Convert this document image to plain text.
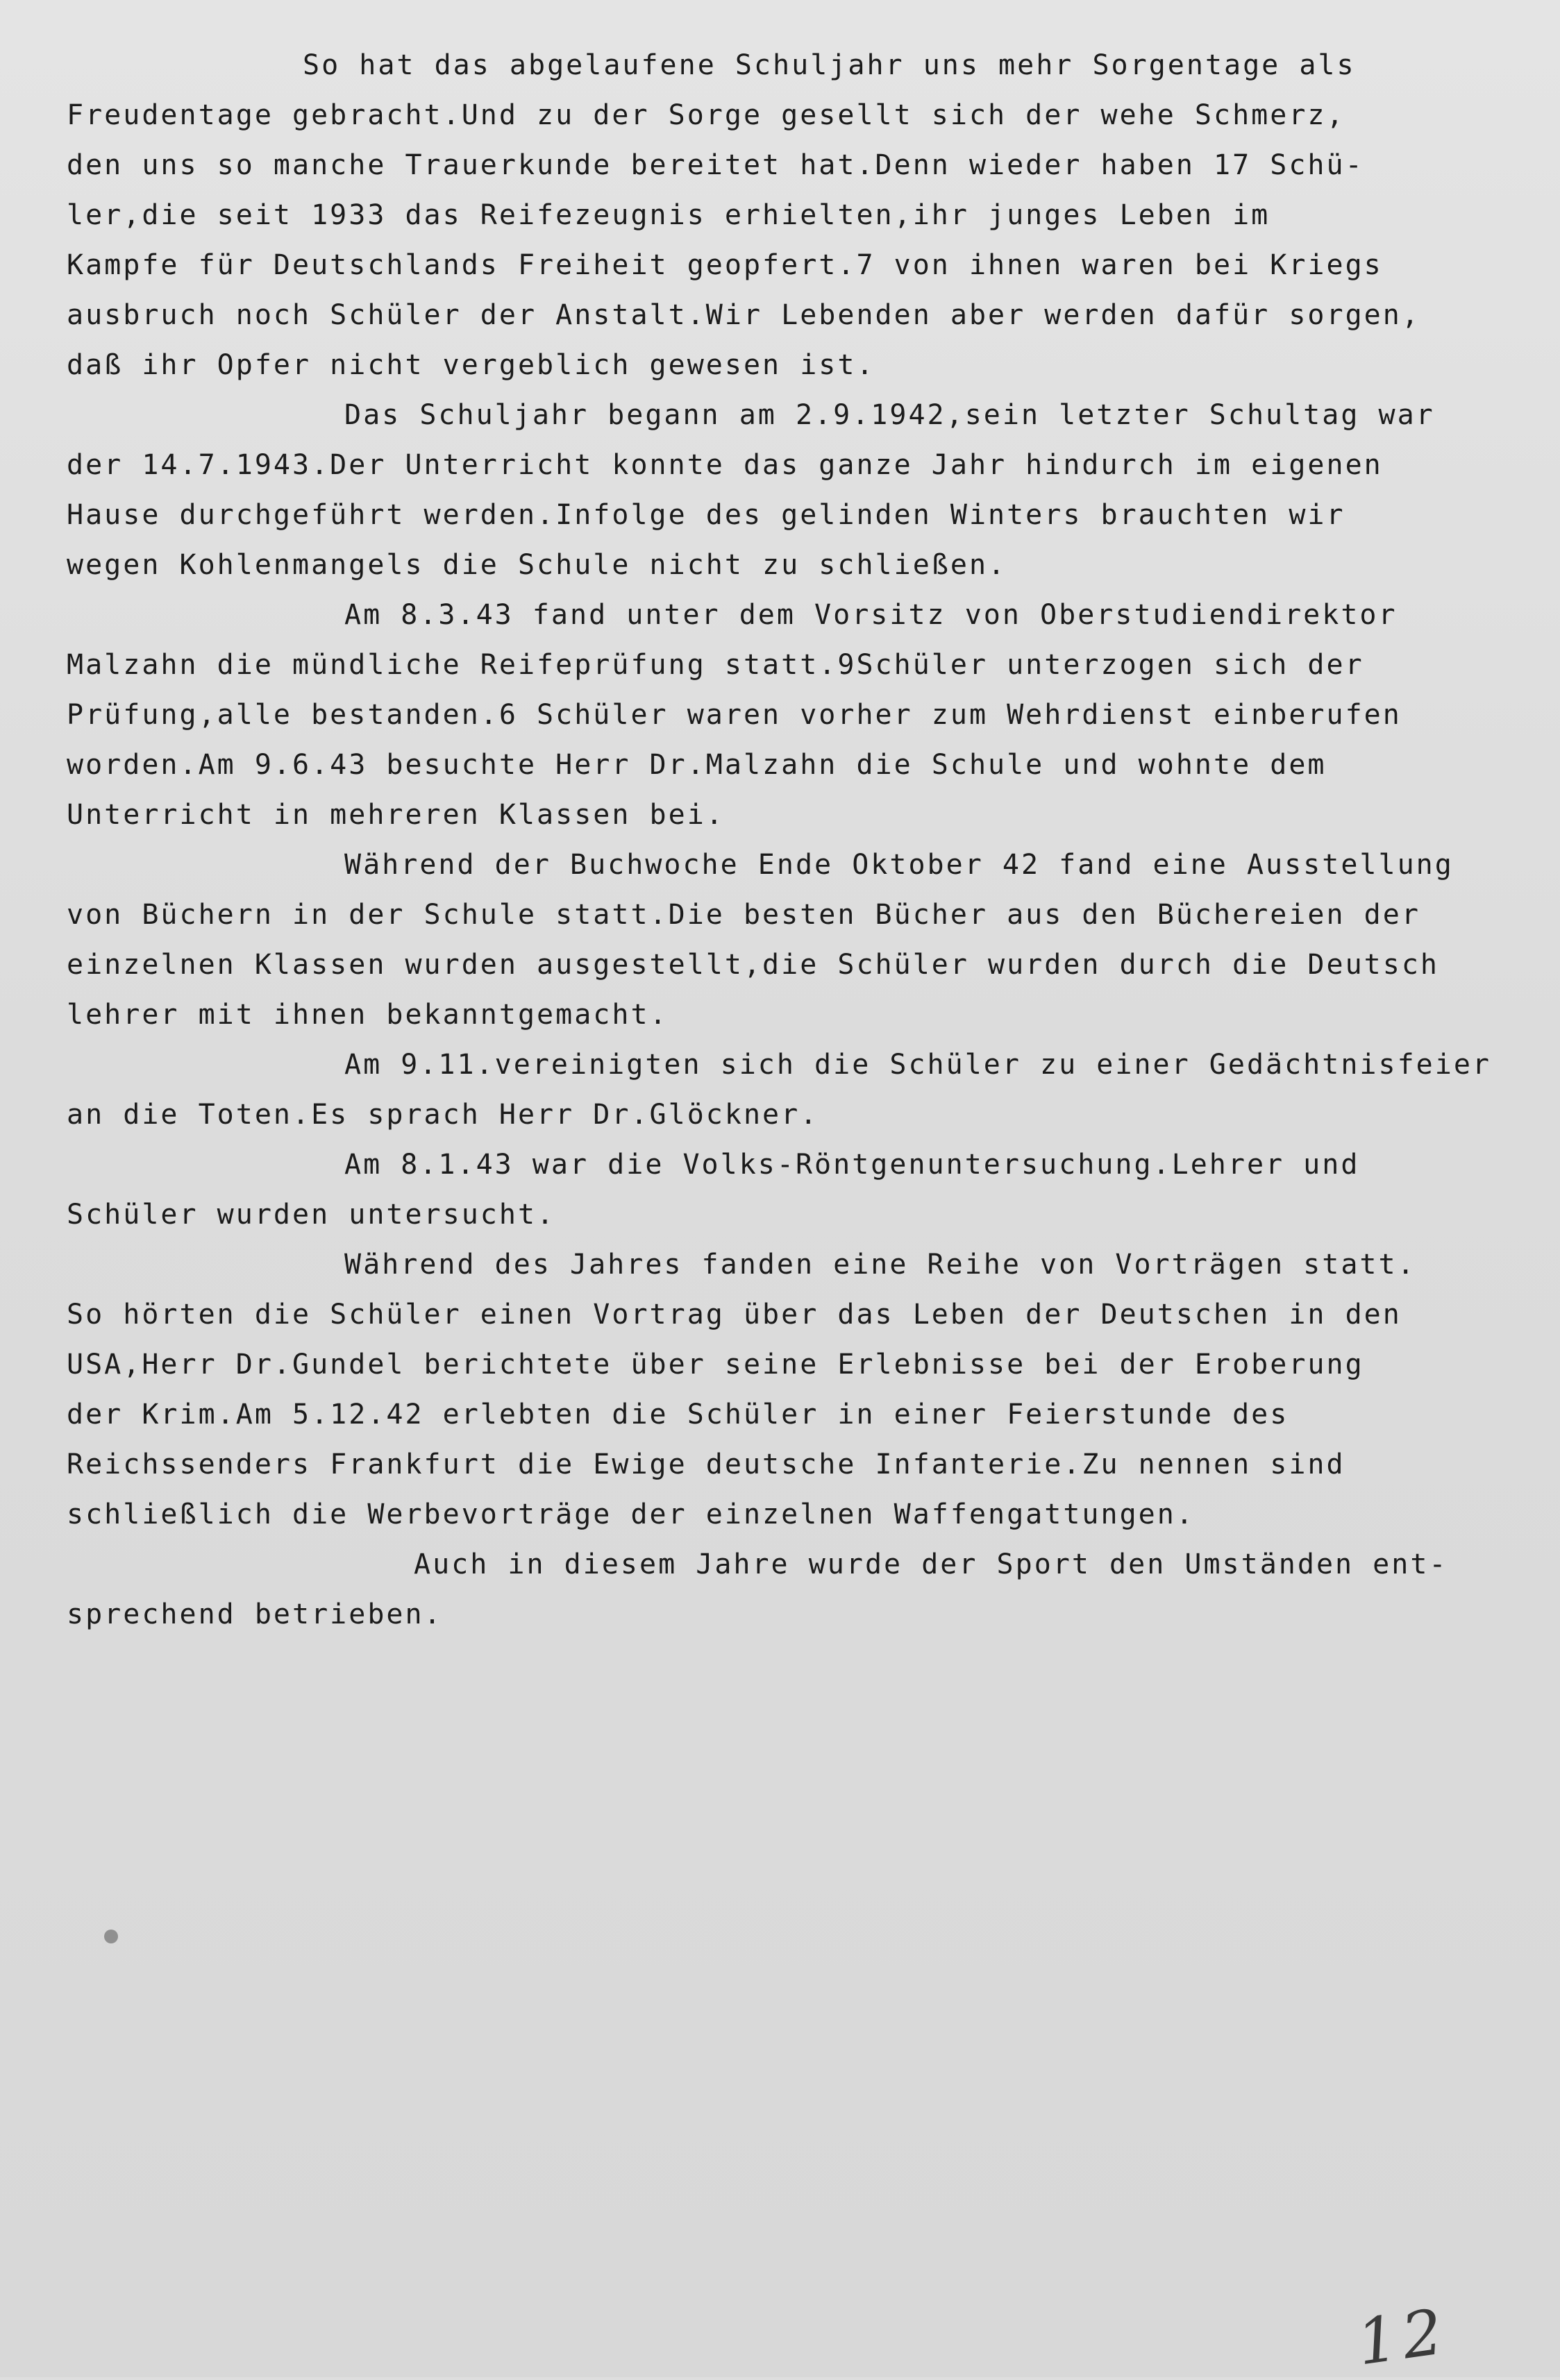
So hat das abgelaufene Schuljahr uns mehr Sorgentage als
Freudentage gebracht.Und zu der Sorge gesellt sich der wehe Schmerz,
den uns so manche Trauerkunde bereitet hat.Denn wieder haben 17 Schü-
ler,die seit 1933 das Reifezeugnis erhielten,ihr junges Leben im
Kampfe für Deutschlands Freiheit geopfert.7 von ihnen waren bei Kriegs
ausbruch noch Schüler der Anstalt.Wir Lebenden aber werden dafür sorgen,
daß ihr Opfer nicht vergeblich gewesen ist.
Das Schuljahr begann am 2.9.1942,sein letzter Schultag war
der 14.7.1943.Der Unterricht konnte das ganze Jahr hindurch im eigenen
Hause durchgeführt werden.Infolge des gelinden Winters brauchten wir
wegen Kohlenmangels die Schule nicht zu schließen.
Am 8.3.43 fand unter dem Vorsitz von Oberstudiendirektor
Malzahn die mündliche Reifeprüfung statt.9Schüler unterzogen sich der
Prüfung,alle bestanden.6 Schüler waren vorher zum Wehrdienst einberufen
worden.Am 9.6.43 besuchte Herr Dr.Malzahn die Schule und wohnte dem
Unterricht in mehreren Klassen bei.
Während der Buchwoche Ende Oktober 42 fand eine Ausstellung
von Büchern in der Schule statt.Die besten Bücher aus den Büchereien der
einzelnen Klassen wurden ausgestellt,die Schüler wurden durch die Deutsch
lehrer mit ihnen bekanntgemacht.
Am 9.11.vereinigten sich die Schüler zu einer Gedächtnisfeier
an die Toten.Es sprach Herr Dr.Glöckner.
Am 8.1.43 war die Volks-Röntgenuntersuchung.Lehrer und
Schüler wurden untersucht.
Während des Jahres fanden eine Reihe von Vorträgen statt.
So hörten die Schüler einen Vortrag über das Leben der Deutschen in den
USA,Herr Dr.Gundel berichtete über seine Erlebnisse bei der Eroberung
der Krim.Am 5.12.42 erlebten die Schüler in einer Feierstunde des
Reichssenders Frankfurt die Ewige deutsche Infanterie.Zu nennen sind
schließlich die Werbevorträge der einzelnen Waffengattungen.
Auch in diesem Jahre wurde der Sport den Umständen ent-
sprechend betrieben.
12
